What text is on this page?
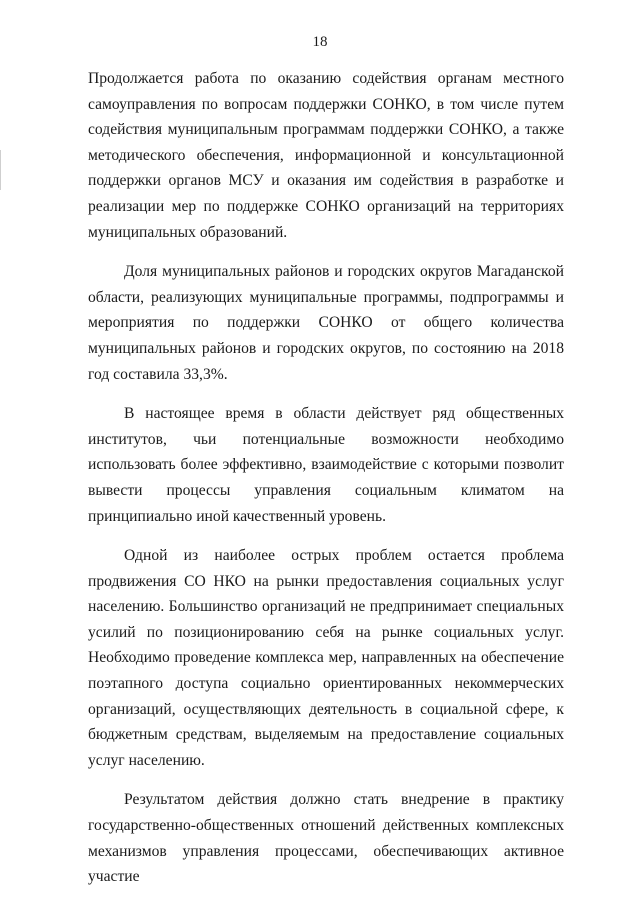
18

Продолжается работа по оказанию содействия органам местного самоуправления по вопросам поддержки СОНКО, в том числе путем содействия муниципальным программам поддержки СОНКО, а также методического обеспечения, информационной и консультационной поддержки органов МСУ и оказания им содействия в разработке и реализации мер по поддержке СОНКО организаций на территориях муниципальных образований.

Доля муниципальных районов и городских округов Магаданской области, реализующих муниципальные программы, подпрограммы и мероприятия по поддержки СОНКО от общего количества муниципальных районов и городских округов, по состоянию на 2018 год составила 33,3%.

В настоящее время в области действует ряд общественных институтов, чьи потенциальные возможности необходимо использовать более эффективно, взаимодействие с которыми позволит вывести процессы управления социальным климатом на принципиально иной качественный уровень.

Одной из наиболее острых проблем остается проблема продвижения СО НКО на рынки предоставления социальных услуг населению. Большинство организаций не предпринимает специальных усилий по позиционированию себя на рынке социальных услуг. Необходимо проведение комплекса мер, направленных на обеспечение поэтапного доступа социально ориентированных некоммерческих организаций, осуществляющих деятельность в социальной сфере, к бюджетным средствам, выделяемым на предоставление социальных услуг населению.

Результатом действия должно стать внедрение в практику государственно-общественных отношений действенных комплексных механизмов управления процессами, обеспечивающих активное участие
